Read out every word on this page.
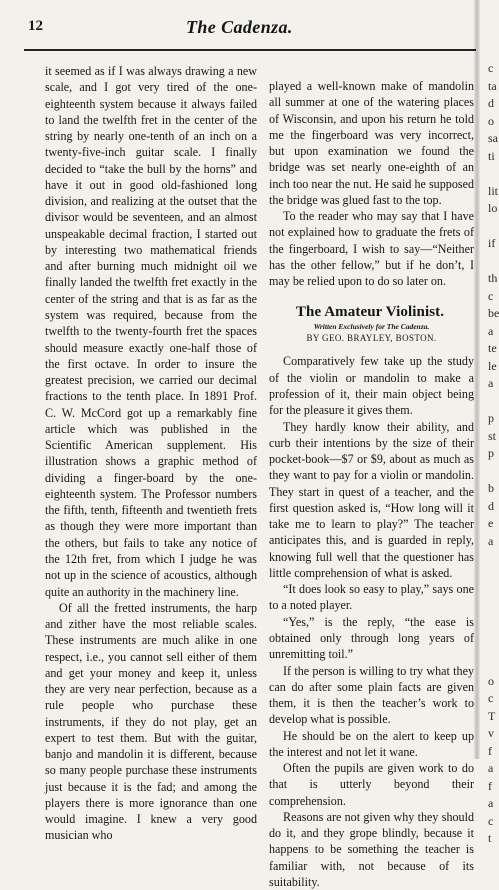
12	The Cadenza.

it seemed as if I was always drawing a new scale, and I got very tired of the one-eighteenth system because it always failed to land the twelfth fret in the center of the string by nearly one-tenth of an inch on a twenty-five-inch guitar scale. I finally decided to “take the bull by the horns” and have it out in good old-fashioned long division, and realizing at the outset that the divisor would be seventeen, and an almost unspeakable decimal fraction, I started out by interesting two mathematical friends and after burning much midnight oil we finally landed the twelfth fret exactly in the center of the string and that is as far as the system was required, because from the twelfth to the twenty-fourth fret the spaces should measure exactly one-half those of the first octave. In order to insure the greatest precision, we carried our decimal fractions to the tenth place. In 1891 Prof. C. W. McCord got up a remarkably fine article which was published in the Scientific American supplement. His illustration shows a graphic method of dividing a finger-board by the one-eighteenth system. The Professor numbers the fifth, tenth, fifteenth and twentieth frets as though they were more important than the others, but fails to take any notice of the 12th fret, from which I judge he was not up in the science of acoustics, although quite an authority in the machinery line.

Of all the fretted instruments, the harp and zither have the most reliable scales. These instruments are much alike in one respect, i.e., you cannot sell either of them and get your money and keep it, unless they are very near perfection, because as a rule people who purchase these instruments, if they do not play, get an expert to test them. But with the guitar, banjo and mandolin it is different, because so many people purchase these instruments just because it is the fad; and among the players there is more ignorance than one would imagine. I knew a very good musician who

played a well-known make of mandolin all summer at one of the watering places of Wisconsin, and upon his return he told me the fingerboard was very incorrect, but upon examination we found the bridge was set nearly one-eighth of an inch too near the nut. He said he supposed the bridge was glued fast to the top.

To the reader who may say that I have not explained how to graduate the frets of the fingerboard, I wish to say—“Neither has the other fellow,” but if he don’t, I may be relied upon to do so later on.

The Amateur Violinist.
Written Exclusively for The Cadenza.
BY GEO. BRAYLEY, BOSTON.

Comparatively few take up the study of the violin or mandolin to make a profession of it, their main object being for the pleasure it gives them.

They hardly know their ability, and curb their intentions by the size of their pocket-book—$7 or $9, about as much as they want to pay for a violin or mandolin. They start in quest of a teacher, and the first question asked is, “How long will it take me to learn to play?” The teacher anticipates this, and is guarded in reply, knowing full well that the questioner has little comprehension of what is asked.

“It does look so easy to play,” says one to a noted player.

“Yes,” is the reply, “the ease is obtained only through long years of unremitting toil.”

If the person is willing to try what they can do after some plain facts are given them, it is then the teacher’s work to develop what is possible.

He should be on the alert to keep up the interest and not let it wane.

Often the pupils are given work to do that is utterly beyond their comprehension.

Reasons are not given why they should do it, and they grope blindly, because it happens to be something the teacher is familiar with, not because of its suitability.

c
ta
d
o
sa
ti
lit
lo
if
th
c
be
a
te
le
a
p
st
p
b
d
e
a
o
c
T
v
f
a
f
a
c
t
